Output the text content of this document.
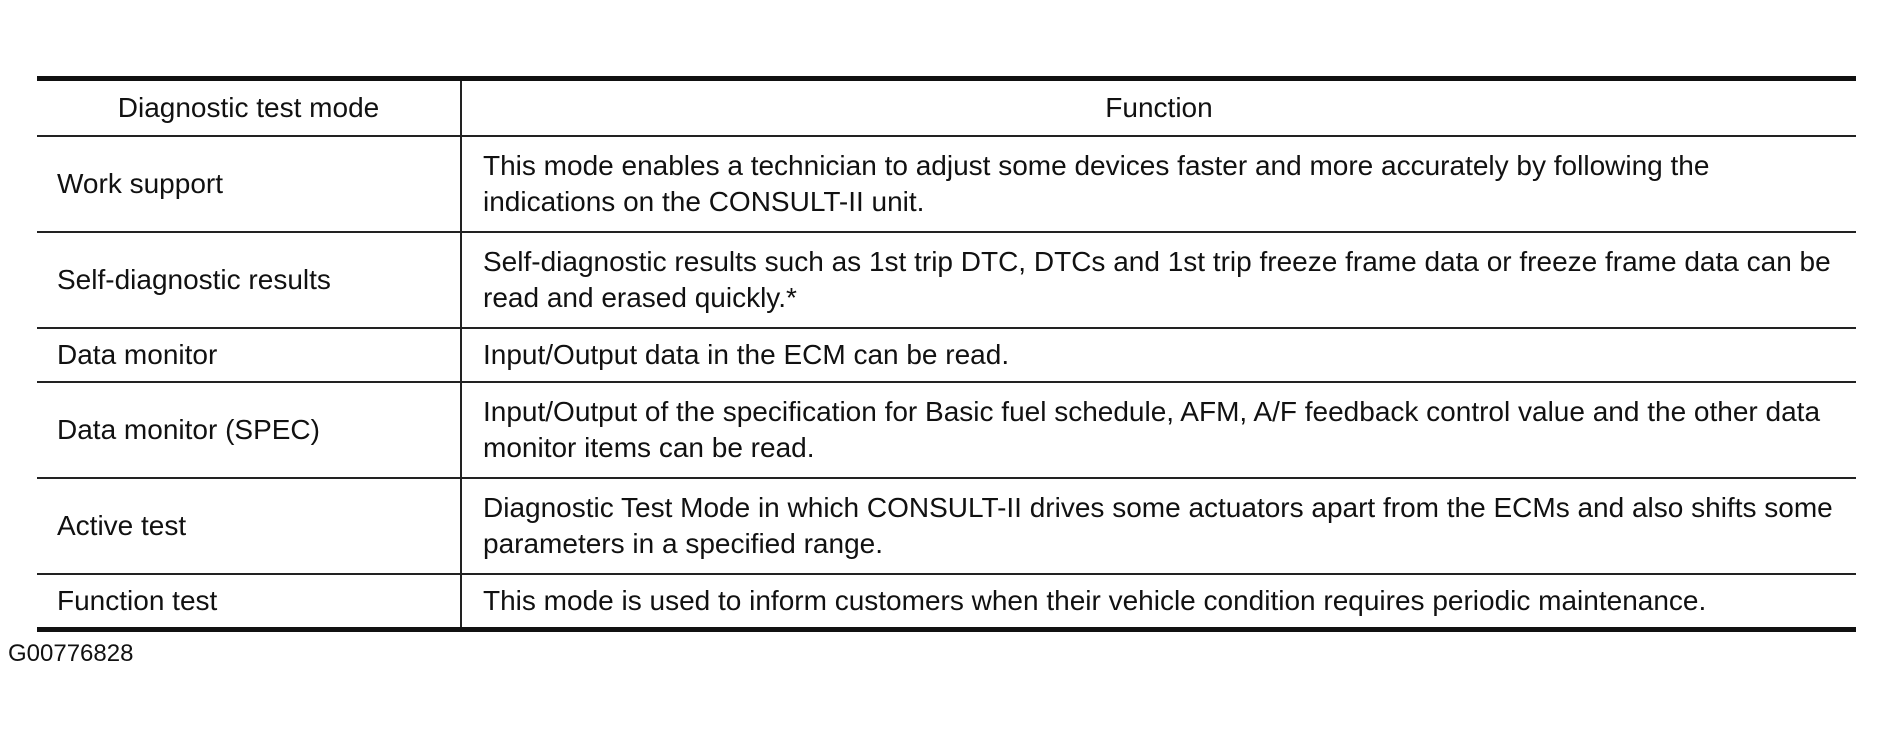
Diagnostic test mode	Function
Work support	This mode enables a technician to adjust some devices faster and more accurately by following the indications on the CONSULT-II unit.
Self-diagnostic results	Self-diagnostic results such as 1st trip DTC, DTCs and 1st trip freeze frame data or freeze frame data can be read and erased quickly.*
Data monitor	Input/Output data in the ECM can be read.
Data monitor (SPEC)	Input/Output of the specification for Basic fuel schedule, AFM, A/F feedback control value and the other data monitor items can be read.
Active test	Diagnostic Test Mode in which CONSULT-II drives some actuators apart from the ECMs and also shifts some parameters in a specified range.
Function test	This mode is used to inform customers when their vehicle condition requires periodic maintenance.
G00776828
